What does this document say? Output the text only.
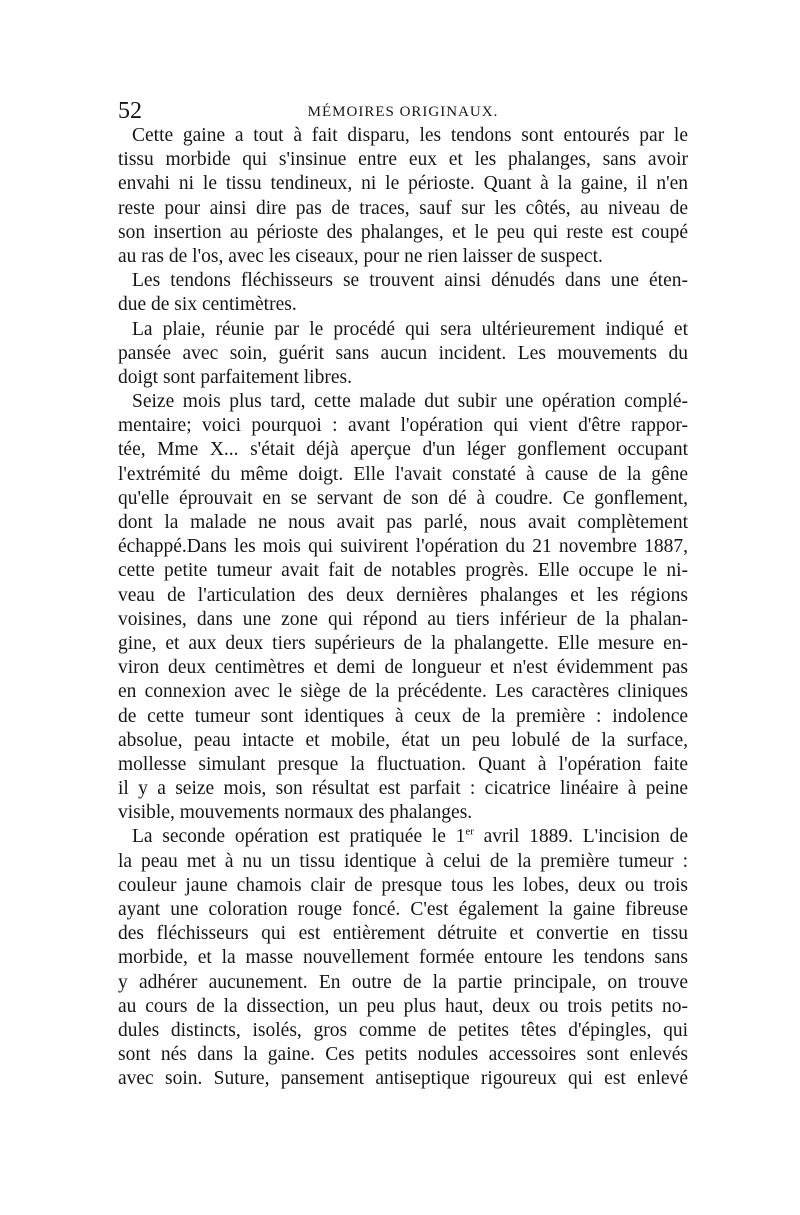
52	MÉMOIRES ORIGINAUX.
Cette gaine a tout à fait disparu, les tendons sont entourés par le
tissu morbide qui s'insinue entre eux et les phalanges, sans avoir
envahi ni le tissu tendineux, ni le périoste. Quant à la gaine, il n'en
reste pour ainsi dire pas de traces, sauf sur les côtés, au niveau de
son insertion au périoste des phalanges, et le peu qui reste est coupé
au ras de l'os, avec les ciseaux, pour ne rien laisser de suspect.
Les tendons fléchisseurs se trouvent ainsi dénudés dans une éten-
due de six centimètres.
La plaie, réunie par le procédé qui sera ultérieurement indiqué et
pansée avec soin, guérit sans aucun incident. Les mouvements du
doigt sont parfaitement libres.
Seize mois plus tard, cette malade dut subir une opération complé-
mentaire; voici pourquoi : avant l'opération qui vient d'être rappor-
tée, Mme X... s'était déjà aperçue d'un léger gonflement occupant
l'extrémité du même doigt. Elle l'avait constaté à cause de la gêne
qu'elle éprouvait en se servant de son dé à coudre. Ce gonflement,
dont la malade ne nous avait pas parlé, nous avait complètement
échappé.Dans les mois qui suivirent l'opération du 21 novembre 1887,
cette petite tumeur avait fait de notables progrès. Elle occupe le ni-
veau de l'articulation des deux dernières phalanges et les régions
voisines, dans une zone qui répond au tiers inférieur de la phalan-
gine, et aux deux tiers supérieurs de la phalangette. Elle mesure en-
viron deux centimètres et demi de longueur et n'est évidemment pas
en connexion avec le siège de la précédente. Les caractères cliniques
de cette tumeur sont identiques à ceux de la première : indolence
absolue, peau intacte et mobile, état un peu lobulé de la surface,
mollesse simulant presque la fluctuation. Quant à l'opération faite
il y a seize mois, son résultat est parfait : cicatrice linéaire à peine
visible, mouvements normaux des phalanges.
La seconde opération est pratiquée le 1er avril 1889. L'incision de
la peau met à nu un tissu identique à celui de la première tumeur :
couleur jaune chamois clair de presque tous les lobes, deux ou trois
ayant une coloration rouge foncé. C'est également la gaine fibreuse
des fléchisseurs qui est entièrement détruite et convertie en tissu
morbide, et la masse nouvellement formée entoure les tendons sans
y adhérer aucunement. En outre de la partie principale, on trouve
au cours de la dissection, un peu plus haut, deux ou trois petits no-
dules distincts, isolés, gros comme de petites têtes d'épingles, qui
sont nés dans la gaine. Ces petits nodules accessoires sont enlevés
avec soin. Suture, pansement antiseptique rigoureux qui est enlevé
